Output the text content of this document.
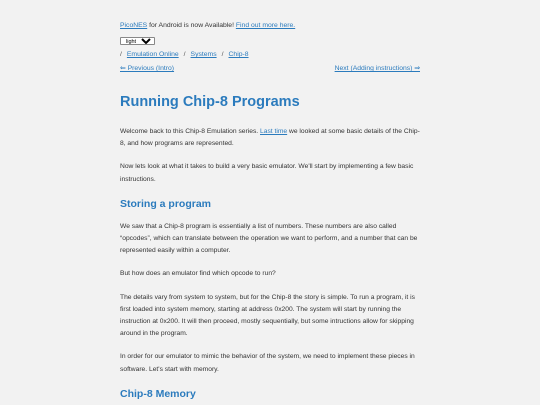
PicoNES for Android is now Available! Find out more here.
light
/ Emulation Online / Systems / Chip-8
⇐ Previous (Intro)	Next (Adding instructions) ⇒
Running Chip-8 Programs

Welcome back to this Chip-8 Emulation series. Last time we looked at some basic details of the Chip-8, and how programs are represented.

Now lets look at what it takes to build a very basic emulator. We'll start by implementing a few basic instructions.

Storing a program

We saw that a Chip-8 program is essentially a list of numbers. These numbers are also called “opcodes”, which can translate between the operation we want to perform, and a number that can be represented easily within a computer.

But how does an emulator find which opcode to run?

The details vary from system to system, but for the Chip-8 the story is simple. To run a program, it is first loaded into system memory, starting at address 0x200. The system will start by running the instruction at 0x200. It will then proceed, mostly sequentially, but some intructions allow for skipping around in the program.

In order for our emulator to mimic the behavior of the system, we need to implement these pieces in software. Let's start with memory.

Chip-8 Memory
